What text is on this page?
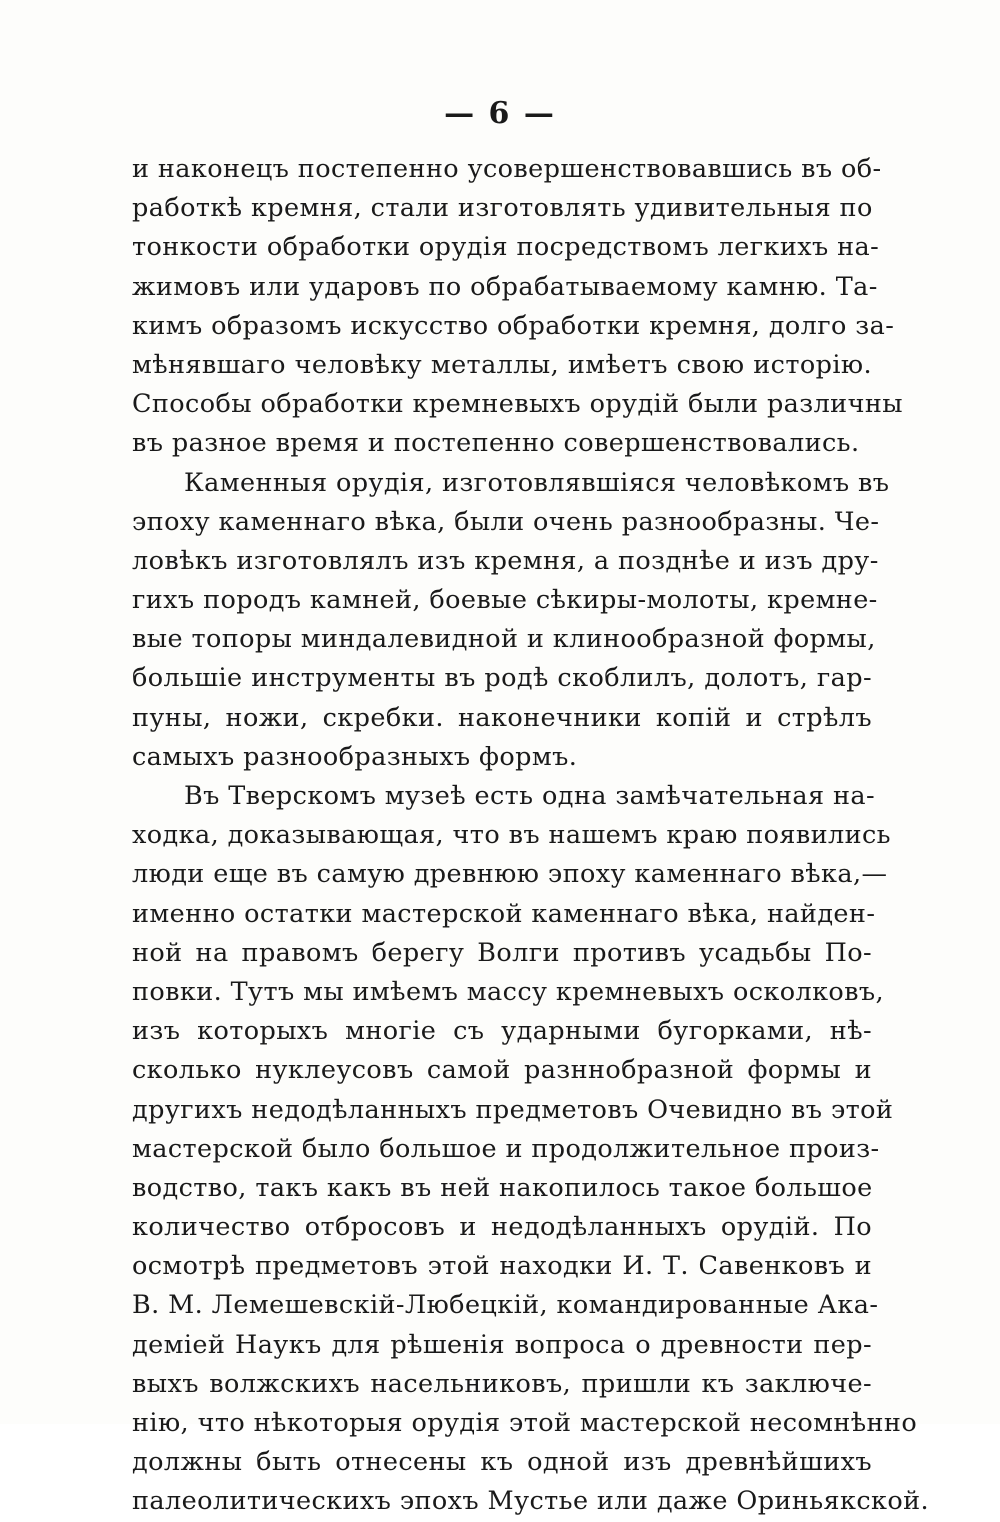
— 6 —
и наконецъ постепенно усовершенствовавшись въ об-
работкѣ кремня, стали изготовлять удивительныя по
тонкости обработки орудія посредствомъ легкихъ на-
жимовъ или ударовъ по обрабатываемому камню. Та-
кимъ образомъ искусство обработки кремня, долго за-
мѣнявшаго человѣку металлы, имѣетъ свою исторію.
Способы обработки кремневыхъ орудій были различны
въ разное время и постепенно совершенствовались.
Каменныя орудія, изготовлявшіяся человѣкомъ въ
эпоху каменнаго вѣка, были очень разнообразны. Че-
ловѣкъ изготовлялъ изъ кремня, а позднѣе и изъ дру-
гихъ породъ камней, боевые сѣкиры-молоты, кремне-
вые топоры миндалевидной и клинообразной формы,
большіе инструменты въ родѣ скоблилъ, долотъ, гар-
пуны, ножи, скребки. наконечники копій и стрѣлъ
самыхъ разнообразныхъ формъ.
Въ Тверскомъ музеѣ есть одна замѣчательная на-
ходка, доказывающая, что въ нашемъ краю появились
люди еще въ самую древнюю эпоху каменнаго вѣка,—
именно остатки мастерской каменнаго вѣка, найден-
ной на правомъ берегу Волги противъ усадьбы По-
повки. Тутъ мы имѣемъ массу кремневыхъ осколковъ,
изъ которыхъ многіе съ ударными бугорками, нѣ-
сколько нуклеусовъ самой разннобразной формы и
другихъ недодѣланныхъ предметовъ Очевидно въ этой
мастерской было большое и продолжительное произ-
водство, такъ какъ въ ней накопилось такое большое
количество отбросовъ и недодѣланныхъ орудій. По
осмотрѣ предметовъ этой находки И. Т. Савенковъ и
В. М. Лемешевскій-Любецкій, командированные Ака-
деміей Наукъ для рѣшенія вопроса о древности пер-
выхъ волжскихъ насельниковъ, пришли къ заключе-
нію, что нѣкоторыя орудія этой мастерской несомнѣнно
должны быть отнесены къ одной изъ древнѣйшихъ
палеолитическихъ эпохъ Мустье или даже Ориньякской.
